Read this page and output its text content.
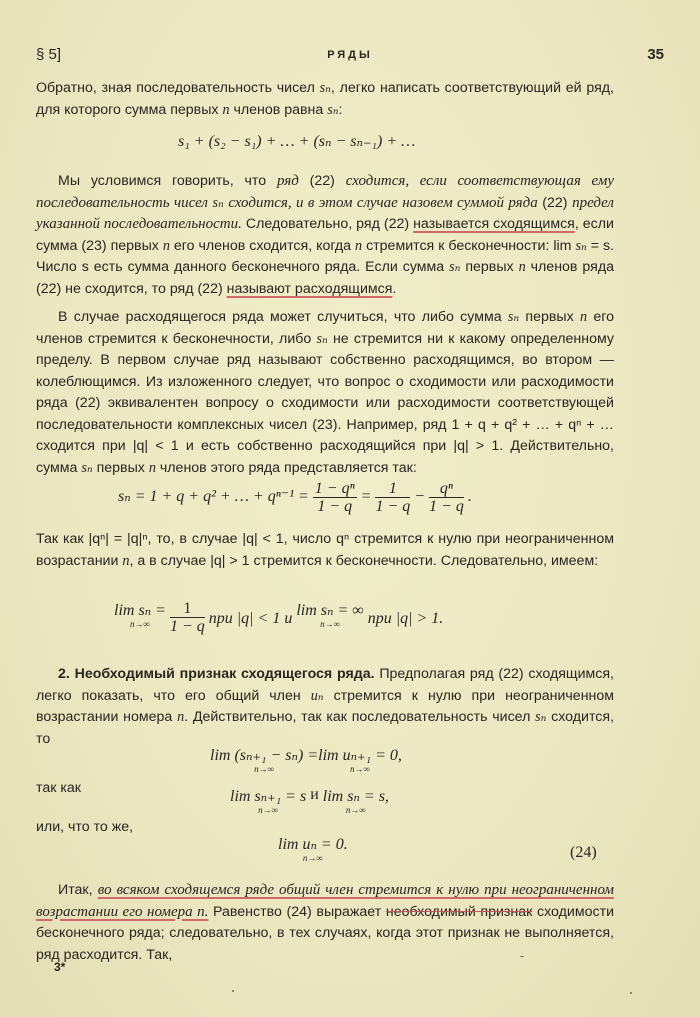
§ 5]	РЯДЫ	35

Обратно, зная последовательность чисел sₙ, легко написать соответствующий ей ряд, для которого сумма первых n членов равна sₙ:

s₁ + (s₂ − s₁) + … + (sₙ − sₙ₋₁) + …

Мы условимся говорить, что ряд (22) сходится, если соответствующая ему последовательность чисел sₙ сходится, и в этом случае назовем суммой ряда (22) предел указанной последовательности. Следовательно, ряд (22) называется сходящимся, если сумма (23) первых n его членов сходится, когда n стремится к бесконечности: lim sₙ = s. Число s есть сумма данного бесконечного ряда. Если сумма sₙ первых n членов ряда (22) не сходится, то ряд (22) называют расходящимся.

В случае расходящегося ряда может случиться, что либо сумма sₙ первых n его членов стремится к бесконечности, либо sₙ не стремится ни к какому определенному пределу. В первом случае ряд называют собственно расходящимся, во втором — колеблющимся. Из изложенного следует, что вопрос о сходимости или расходимости ряда (22) эквивалентен вопросу о сходимости или расходимости соответствующей последовательности комплексных чисел (23). Например, ряд 1 + q + q² + … + qⁿ + … сходится при |q| < 1 и есть собственно расходящийся при |q| > 1. Действительно, сумма sₙ первых n членов этого ряда представляется так:

sₙ = 1 + q + q² + … + $q^{n-1} = \frac{\text{1 − qⁿ}}{1 - q} = \frac{1}{1 - q} - \frac{\text{qⁿ}}{1 - q}$ .

Так как |qⁿ| = |q|ⁿ, то, в случае |q| < 1, число qⁿ стремится к нулю при неограниченном возрастании n, а в случае |q| > 1 стремится к бесконечности. Следовательно, имеем:

lim sₙ =
n→∞
	$\frac{1}{1 - q}$ при |q| < 1 и lim sₙ = ∞
n→∞	при |q| > 1.

2. Необходимый признак сходящегося ряда. Предполагая ряд (22) сходящимся, легко показать, что его общий член uₙ стремится к нулю при неограниченном возрастании номера n. Действительно, так как последовательность чисел sₙ сходится, то

lim (sₙ₊₁ − sₙ) =
n→∞
lim uₙ₊₁ = 0,
n→∞
так как	lim sₙ₊₁ = s
n→∞
и lim sₙ = s,
n→∞
или, что то же,
lim uₙ = 0.
n→∞	(24)

Итак, во всяком сходящемся ряде общий член стремится к нулю при неограниченном возрастании его номера n. Равенство (24) выражает необходимый признак сходимости бесконечного ряда; следовательно, в тех случаях, когда этот признак не выполняется, ряд расходится. Так,

3*
